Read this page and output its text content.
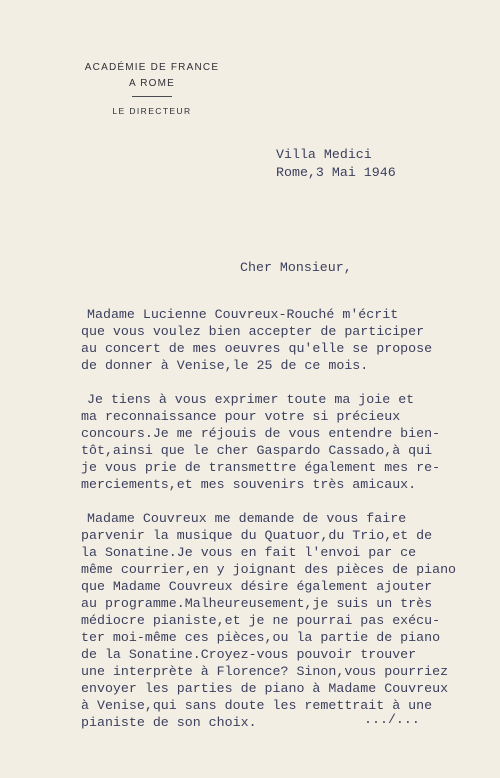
ACADÉMIE DE FRANCE
A ROME
LE DIRECTEUR
Villa Medici
Rome,3 Mai 1946
Cher Monsieur,
Madame Lucienne Couvreux-Rouché m'écrit
que vous voulez bien accepter de participer
au concert de mes oeuvres qu'elle se propose
de donner à Venise,le 25 de ce mois.
Je tiens à vous exprimer toute ma joie et
ma reconnaissance pour votre si précieux
concours.Je me réjouis de vous entendre bien-
tôt,ainsi que le cher Gaspardo Cassado,à qui
je vous prie de transmettre également mes re-
merciements,et mes souvenirs très amicaux.
Madame Couvreux me demande de vous faire
parvenir la musique du Quatuor,du Trio,et de
la Sonatine.Je vous en fait l'envoi par ce
même courrier,en y joignant des pièces de piano
que Madame Couvreux désire également ajouter
au programme.Malheureusement,je suis un très
médiocre pianiste,et je ne pourrai pas exécu-
ter moi-même ces pièces,ou la partie de piano
de la Sonatine.Croyez-vous pouvoir trouver
une interprète à Florence? Sinon,vous pourriez
envoyer les parties de piano à Madame Couvreux
à Venise,qui sans doute les remettrait à une
pianiste de son choix.	.../...
